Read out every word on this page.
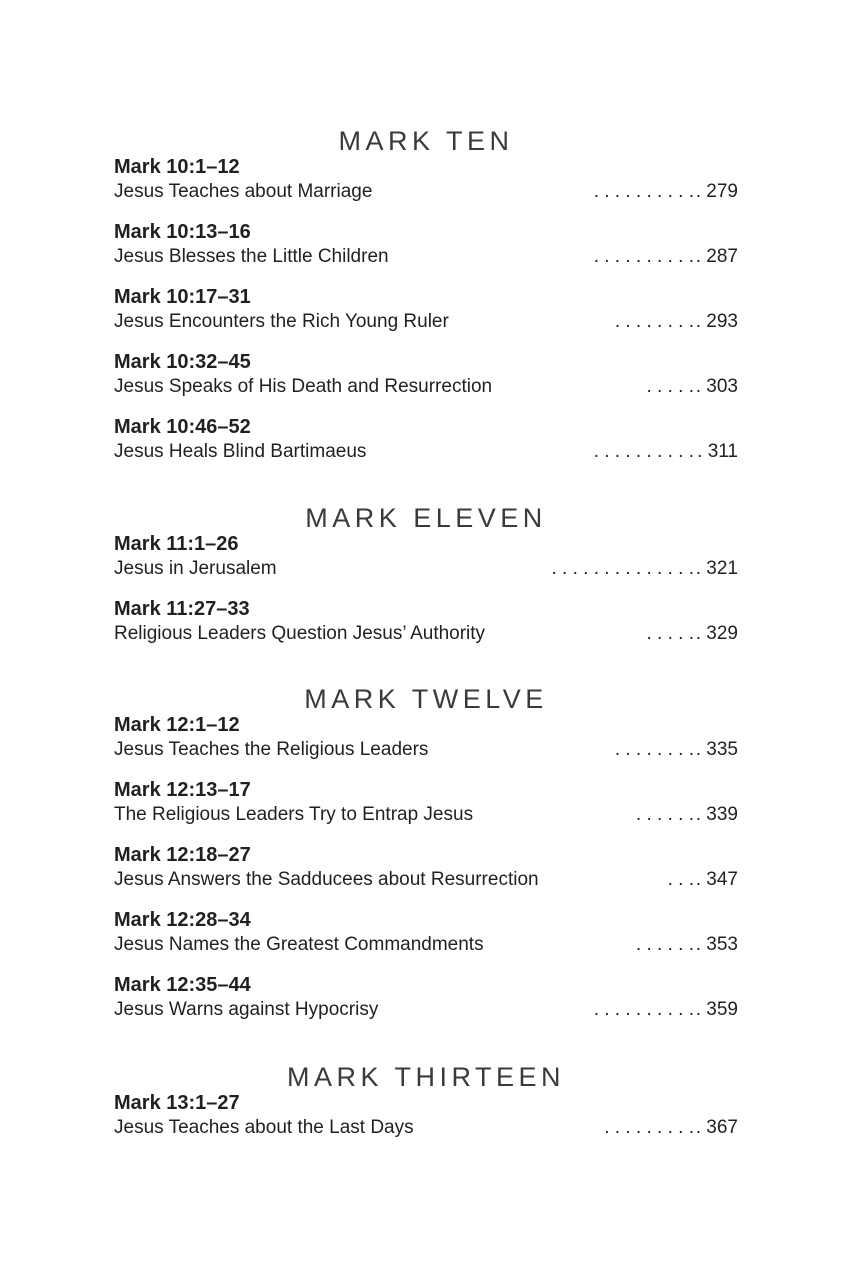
MARK TEN
Mark 10:1–12
. . . . . . . . . .
Jesus Teaches about Marriage	. 279
Mark 10:13–16
. . . . . . . . . .
Jesus Blesses the Little Children	. 287
Mark 10:17–31
. . . . . . . .
Jesus Encounters the Rich Young Ruler	. 293
Mark 10:32–45
. . . . .
Jesus Speaks of His Death and Resurrection	. 303
Mark 10:46–52
. . . . . . . . . .
Jesus Heals Blind Bartimaeus	. 311
MARK ELEVEN
Mark 11:1–26
. . . . . . . . . . . . . .
Jesus in Jerusalem	. 321
Mark 11:27–33
. . . . .
Religious Leaders Question Jesus’ Authority	. 329
MARK TWELVE
Mark 12:1–12
. . . . . . . .
Jesus Teaches the Religious Leaders	. 335
Mark 12:13–17
. . . . . .
The Religious Leaders Try to Entrap Jesus	. 339
Mark 12:18–27
. . .
Jesus Answers the Sadducees about Resurrection	. 347
Mark 12:28–34
. . . . . .
Jesus Names the Greatest Commandments	. 353
Mark 12:35–44
. . . . . . . . . .
Jesus Warns against Hypocrisy	. 359
MARK THIRTEEN
Mark 13:1–27
. . . . . . . . .
Jesus Teaches about the Last Days	. 367
